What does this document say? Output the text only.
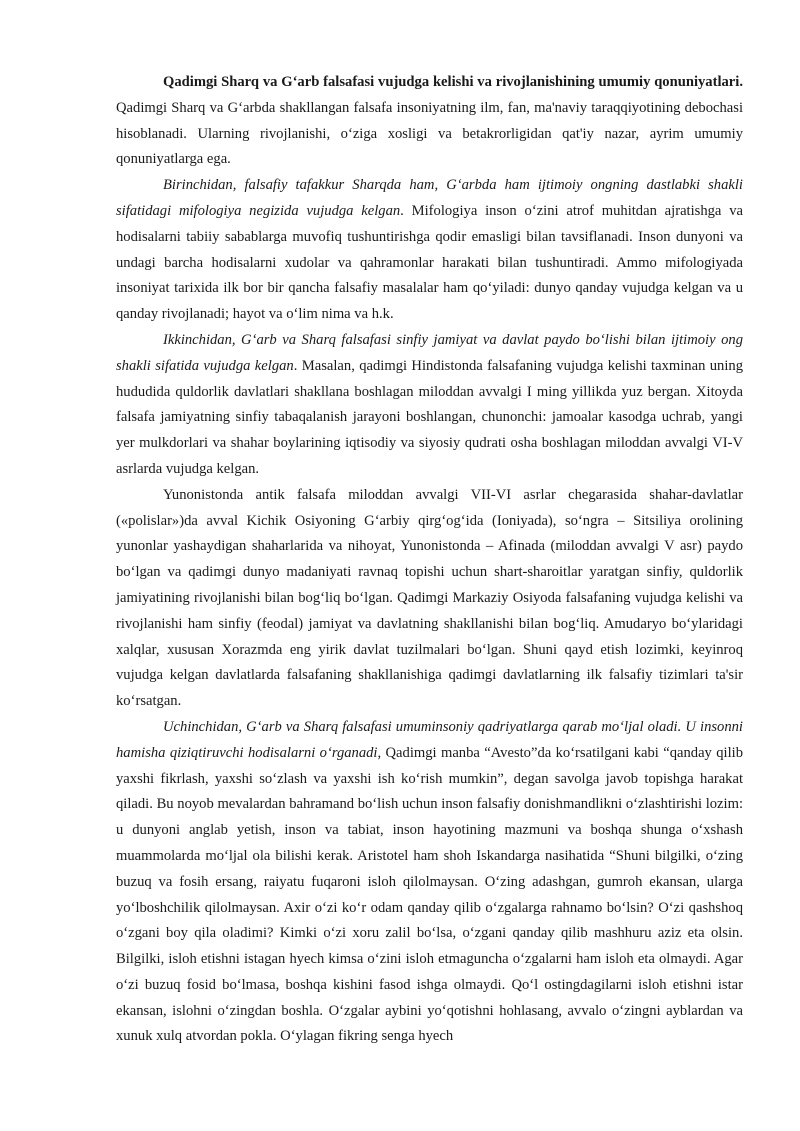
Qadimgi Sharq va G‘arb falsafasi vujudga kelishi va rivojlanishining umumiy qonuniyatlari. Qadimgi Sharq va G‘arbda shakllangan falsafa insoniyatning ilm, fan, ma'naviy taraqqiyotining debochasi hisoblanadi. Ularning rivojlanishi, o‘ziga xosligi va betakrorligidan qat'iy nazar, ayrim umumiy qonuniyatlarga ega.

Birinchidan, falsafiy tafakkur Sharqda ham, G‘arbda ham ijtimoiy ongning dastlabki shakli sifatidagi mifologiya negizida vujudga kelgan. Mifologiya inson o‘zini atrof muhitdan ajratishga va hodisalarni tabiiy sabablarga muvofiq tushuntirishga qodir emasligi bilan tavsiflanadi. Inson dunyoni va undagi barcha hodisalarni xudolar va qahramonlar harakati bilan tushuntiradi. Ammo mifologiyada insoniyat tarixida ilk bor bir qancha falsafiy masalalar ham qo‘yiladi: dunyo qanday vujudga kelgan va u qanday rivojlanadi; hayot va o‘lim nima va h.k.

Ikkinchidan, G‘arb va Sharq falsafasi sinfiy jamiyat va davlat paydo bo‘lishi bilan ijtimoiy ong shakli sifatida vujudga kelgan. Masalan, qadimgi Hindistonda falsafaning vujudga kelishi taxminan uning hududida quldorlik davlatlari shakllana boshlagan miloddan avvalgi I ming yillikda yuz bergan. Xitoyda falsafa jamiyatning sinfiy tabaqalanish jarayoni boshlangan, chunonchi: jamoalar kasodga uchrab, yangi yer mulkdorlari va shahar boylarining iqtisodiy va siyosiy qudrati osha boshlagan miloddan avvalgi VI-V asrlarda vujudga kelgan.

Yunonistonda antik falsafa miloddan avvalgi VII-VI asrlar chegarasida shahar-davlatlar («polislar»)da avval Kichik Osiyoning G‘arbiy qirg‘og‘ida (Ioniyada), so‘ngra – Sitsiliya orolining yunonlar yashaydigan shaharlarida va nihoyat, Yunonistonda – Afinada (miloddan avvalgi V asr) paydo bo‘lgan va qadimgi dunyo madaniyati ravnaq topishi uchun shart-sharoitlar yaratgan sinfiy, quldorlik jamiyatining rivojlanishi bilan bog‘liq bo‘lgan. Qadimgi Markaziy Osiyoda falsafaning vujudga kelishi va rivojlanishi ham sinfiy (feodal) jamiyat va davlatning shakllanishi bilan bog‘liq. Amudaryo bo‘ylaridagi xalqlar, xususan Xorazmda eng yirik davlat tuzilmalari bo‘lgan. Shuni qayd etish lozimki, keyinroq vujudga kelgan davlatlarda falsafaning shakllanishiga qadimgi davlatlarning ilk falsafiy tizimlari ta'sir ko‘rsatgan.

Uchinchidan, G‘arb va Sharq falsafasi umuminsoniy qadriyatlarga qarab mo‘ljal oladi. U insonni hamisha qiziqtiruvchi hodisalarni o‘rganadi, Qadimgi manba “Avesto”da ko‘rsatilgani kabi “qanday qilib yaxshi fikrlash, yaxshi so‘zlash va yaxshi ish ko‘rish mumkin”, degan savolga javob topishga harakat qiladi. Bu noyob mevalardan bahramand bo‘lish uchun inson falsafiy donishmandlikni o‘zlashtirishi lozim: u dunyoni anglab yetish, inson va tabiat, inson hayotining mazmuni va boshqa shunga o‘xshash muammolarda mo‘ljal ola bilishi kerak. Aristotel ham shoh Iskandarga nasihatida “Shuni bilgilki, o‘zing buzuq va fosih ersang, raiyatu fuqaroni isloh qilolmaysan. O‘zing adashgan, gumroh ekansan, ularga yo‘lboshchilik qilolmaysan. Axir o‘zi ko‘r odam qanday qilib o‘zgalarga rahnamo bo‘lsin? O‘zi qashshoq o‘zgani boy qila oladimi? Kimki o‘zi xoru zalil bo‘lsa, o‘zgani qanday qilib mashhuru aziz eta olsin. Bilgilki, isloh etishni istagan hyech kimsa o‘zini isloh etmaguncha o‘zgalarni ham isloh eta olmaydi. Agar o‘zi buzuq fosid bo‘lmasa, boshqa kishini fasod ishga olmaydi. Qo‘l ostingdagilarni isloh etishni istar ekansan, islohni o‘zingdan boshla. O‘zgalar aybini yo‘qotishni hohlasang, avvalo o‘zingni ayblardan va xunuk xulq atvordan pokla. O‘ylagan fikring senga hyech
